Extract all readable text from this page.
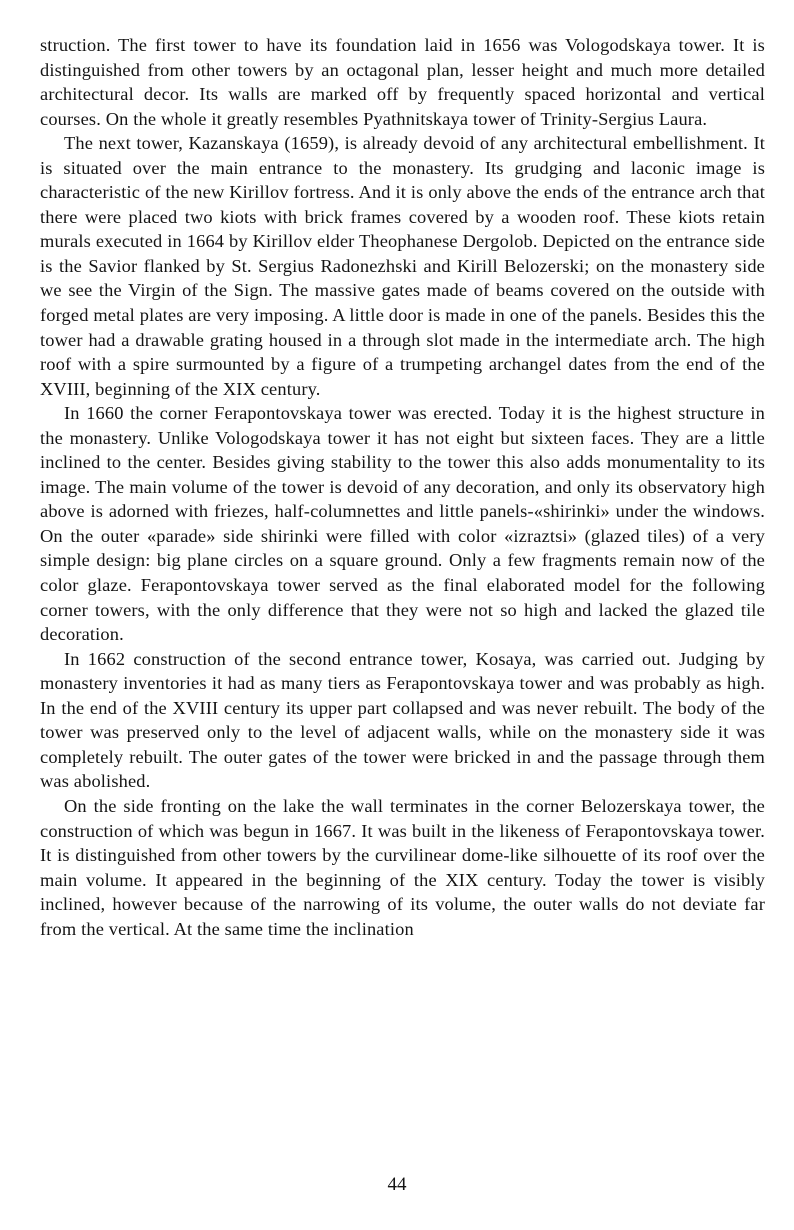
struction. The first tower to have its foundation laid in 1656 was Vologodskaya tower. It is distinguished from other towers by an octagonal plan, lesser height and much more detailed architectural decor. Its walls are marked off by frequently spaced horizontal and vertical courses. On the whole it greatly resembles Pyathnitskaya tower of Trinity-Sergius Laura.

The next tower, Kazanskaya (1659), is already devoid of any architectural embellishment. It is situated over the main entrance to the monastery. Its grudging and laconic image is characteristic of the new Kirillov fortress. And it is only above the ends of the entrance arch that there were placed two kiots with brick frames covered by a wooden roof. These kiots retain murals executed in 1664 by Kirillov elder Theophanese Dergolob. Depicted on the entrance side is the Savior flanked by St. Sergius Radonezhski and Kirill Belozerski; on the monastery side we see the Virgin of the Sign. The massive gates made of beams covered on the outside with forged metal plates are very imposing. A little door is made in one of the panels. Besides this the tower had a drawable grating housed in a through slot made in the intermediate arch. The high roof with a spire surmounted by a figure of a trumpeting archangel dates from the end of the XVIII, beginning of the XIX century.

In 1660 the corner Ferapontovskaya tower was erected. Today it is the highest structure in the monastery. Unlike Vologodskaya tower it has not eight but sixteen faces. They are a little inclined to the center. Besides giving stability to the tower this also adds monumentality to its image. The main volume of the tower is devoid of any decoration, and only its observatory high above is adorned with friezes, half-columnettes and little panels-«shirinki» under the windows. On the outer «parade» side shirinki were filled with color «izraztsi» (glazed tiles) of a very simple design: big plane circles on a square ground. Only a few fragments remain now of the color glaze. Ferapontovskaya tower served as the final elaborated model for the following corner towers, with the only difference that they were not so high and lacked the glazed tile decoration.

In 1662 construction of the second entrance tower, Kosaya, was carried out. Judging by monastery inventories it had as many tiers as Ferapontovskaya tower and was probably as high. In the end of the XVIII century its upper part collapsed and was never rebuilt. The body of the tower was preserved only to the level of adjacent walls, while on the monastery side it was completely rebuilt. The outer gates of the tower were bricked in and the passage through them was abolished.

On the side fronting on the lake the wall terminates in the corner Belozerskaya tower, the construction of which was begun in 1667. It was built in the likeness of Ferapontovskaya tower. It is distinguished from other towers by the curvilinear dome-like silhouette of its roof over the main volume. It appeared in the beginning of the XIX century. Today the tower is visibly inclined, however because of the narrowing of its volume, the outer walls do not deviate far from the vertical. At the same time the inclination

44
